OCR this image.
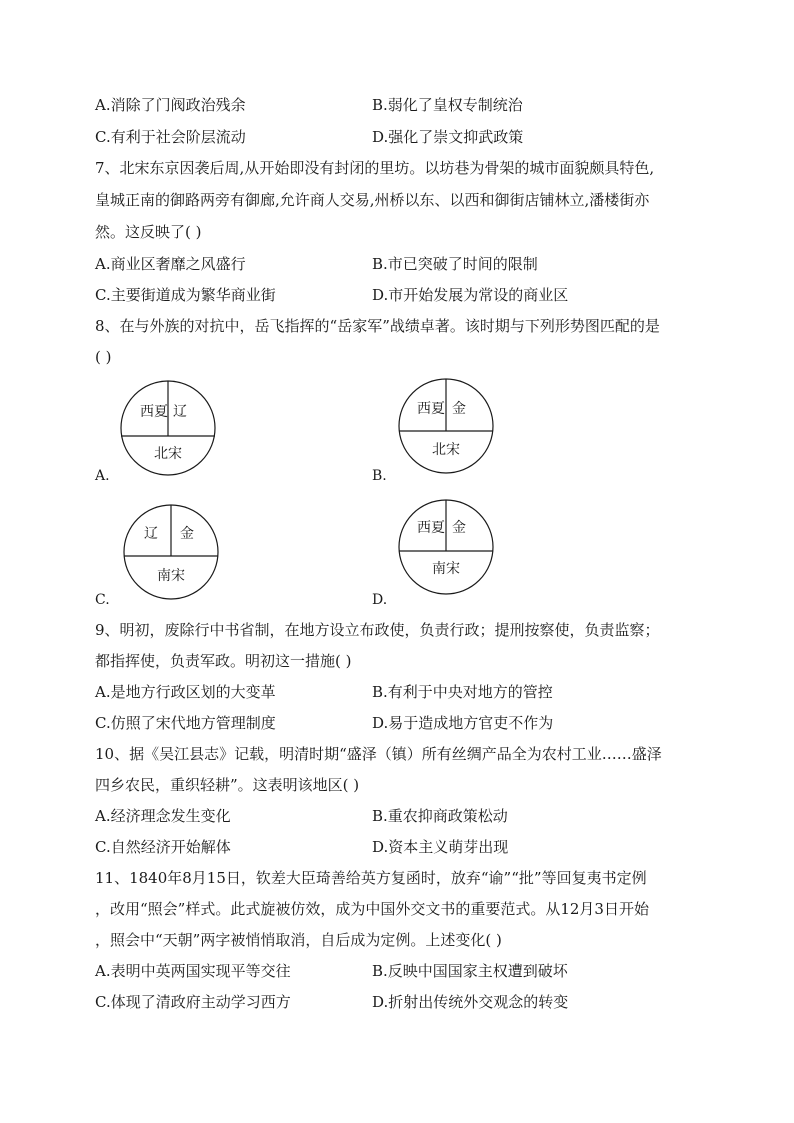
A.消除了门阀政治残余	B.弱化了皇权专制统治
C.有利于社会阶层流动	D.强化了崇文抑武政策
7、北宋东京因袭后周,从开始即没有封闭的里坊。以坊巷为骨架的城市面貌颇具特色,
皇城正南的御路两旁有御廊,允许商人交易,州桥以东、以西和御街店铺林立,潘楼街亦
然。这反映了( )
A.商业区奢靡之风盛行	B.市已突破了时间的限制
C.主要街道成为繁华商业街	D.市开始发展为常设的商业区
8、在与外族的对抗中，岳飞指挥的“岳家军”战绩卓著。该时期与下列形势图匹配的是
( )
西夏 辽
北宋
A.
西夏 金
北宋
B.
辽 金
南宋
C.
西夏 金
南宋
D.
9、明初，废除行中书省制，在地方设立布政使，负责行政；提刑按察使，负责监察；
都指挥使，负责军政。明初这一措施( )
A.是地方行政区划的大变革	B.有利于中央对地方的管控
C.仿照了宋代地方管理制度	D.易于造成地方官吏不作为
10、据《吴江县志》记载，明清时期“盛泽（镇）所有丝绸产品全为农村工业……盛泽
四乡农民，重织轻耕”。这表明该地区( )
A.经济理念发生变化	B.重农抑商政策松动
C.自然经济开始解体	D.资本主义萌芽出现
11、1840年8月15日，钦差大臣琦善给英方复函时，放弃“谕”“批”等回复夷书定例
，改用“照会”样式。此式旋被仿效，成为中国外交文书的重要范式。从12月3日开始
，照会中“天朝”两字被悄悄取消，自后成为定例。上述变化( )
A.表明中英两国实现平等交往	B.反映中国国家主权遭到破坏
C.体现了清政府主动学习西方	D.折射出传统外交观念的转变
